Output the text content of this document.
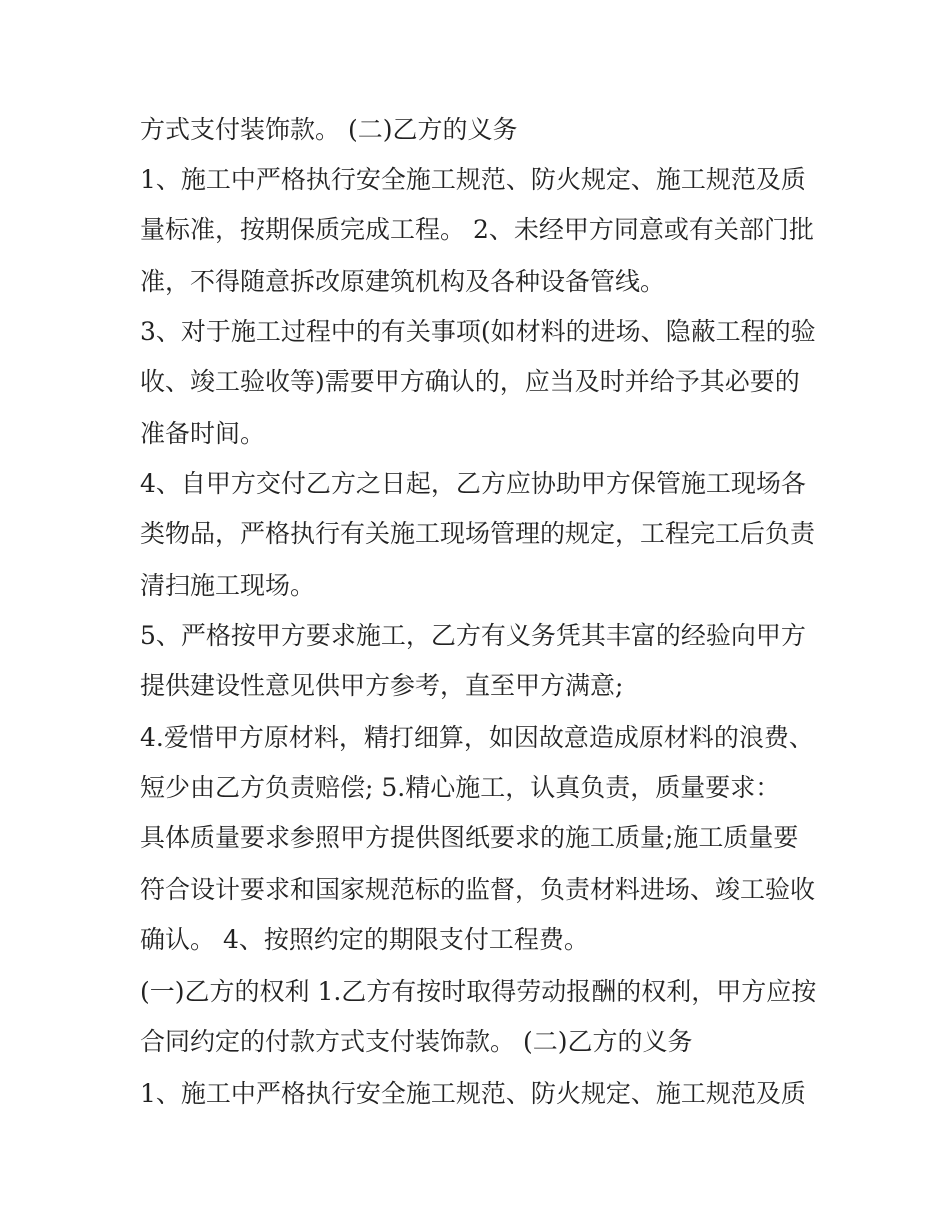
方式支付装饰款。 (二)乙方的义务
1、施工中严格执行安全施工规范、防火规定、施工规范及质
量标准，按期保质完成工程。 2、未经甲方同意或有关部门批
准，不得随意拆改原建筑机构及各种设备管线。
3、对于施工过程中的有关事项(如材料的进场、隐蔽工程的验
收、竣工验收等)需要甲方确认的，应当及时并给予其必要的
准备时间。
4、自甲方交付乙方之日起，乙方应协助甲方保管施工现场各
类物品，严格执行有关施工现场管理的规定，工程完工后负责
清扫施工现场。
5、严格按甲方要求施工，乙方有义务凭其丰富的经验向甲方
提供建设性意见供甲方参考，直至甲方满意;
4.爱惜甲方原材料，精打细算，如因故意造成原材料的浪费、
短少由乙方负责赔偿; 5.精心施工，认真负责，质量要求：
具体质量要求参照甲方提供图纸要求的施工质量;施工质量要
符合设计要求和国家规范标的监督，负责材料进场、竣工验收
确认。 4、按照约定的期限支付工程费。
(一)乙方的权利 1.乙方有按时取得劳动报酬的权利，甲方应按
合同约定的付款方式支付装饰款。 (二)乙方的义务
1、施工中严格执行安全施工规范、防火规定、施工规范及质
